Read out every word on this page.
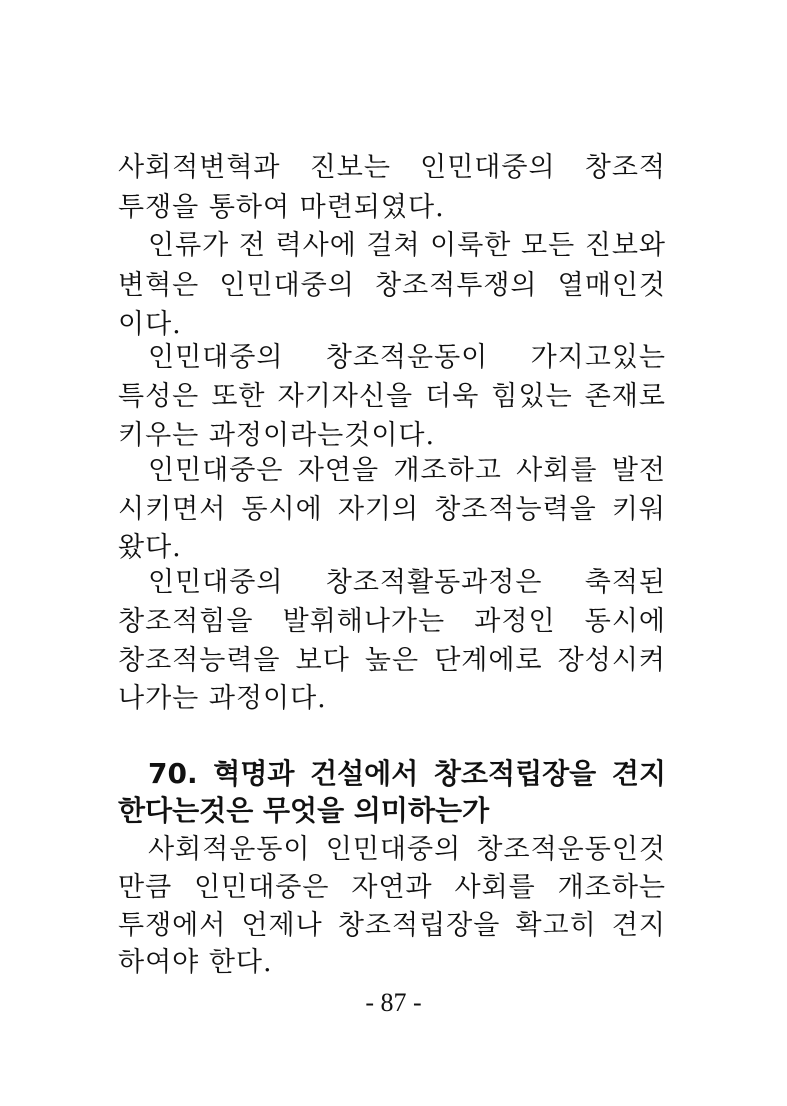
사회적변혁과 진보는 인민대중의 창조적
투쟁을 통하여 마련되였다.
인류가 전 력사에 걸쳐 이룩한 모든 진보와
변혁은 인민대중의 창조적투쟁의 열매인것
이다.
인민대중의 창조적운동이 가지고있는
특성은 또한 자기자신을 더욱 힘있는 존재로
키우는 과정이라는것이다.
인민대중은 자연을 개조하고 사회를 발전
시키면서 동시에 자기의 창조적능력을 키워
왔다.
인민대중의 창조적활동과정은 축적된
창조적힘을 발휘해나가는 과정인 동시에
창조적능력을 보다 높은 단계에로 장성시켜
나가는 과정이다.
70. 혁명과 건설에서 창조적립장을 견지
한다는것은 무엇을 의미하는가
사회적운동이 인민대중의 창조적운동인것
만큼 인민대중은 자연과 사회를 개조하는
투쟁에서 언제나 창조적립장을 확고히 견지
하여야 한다.
- 87 -
